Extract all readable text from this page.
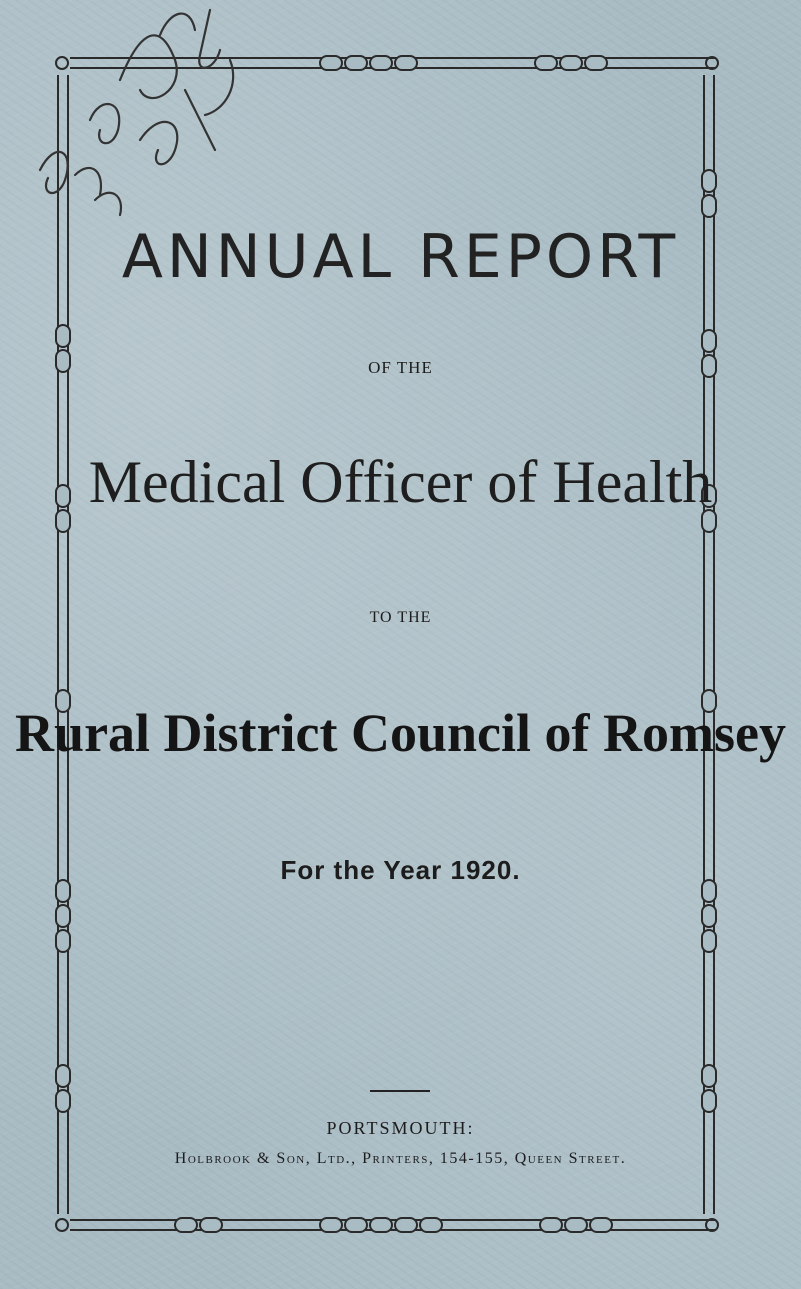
ANNUAL REPORT
OF THE
Medical Officer of Health
TO THE
Rural District Council of Romsey
For the Year 1920.
PORTSMOUTH:
Holbrook & Son, Ltd., Printers, 154-155, Queen Street.
